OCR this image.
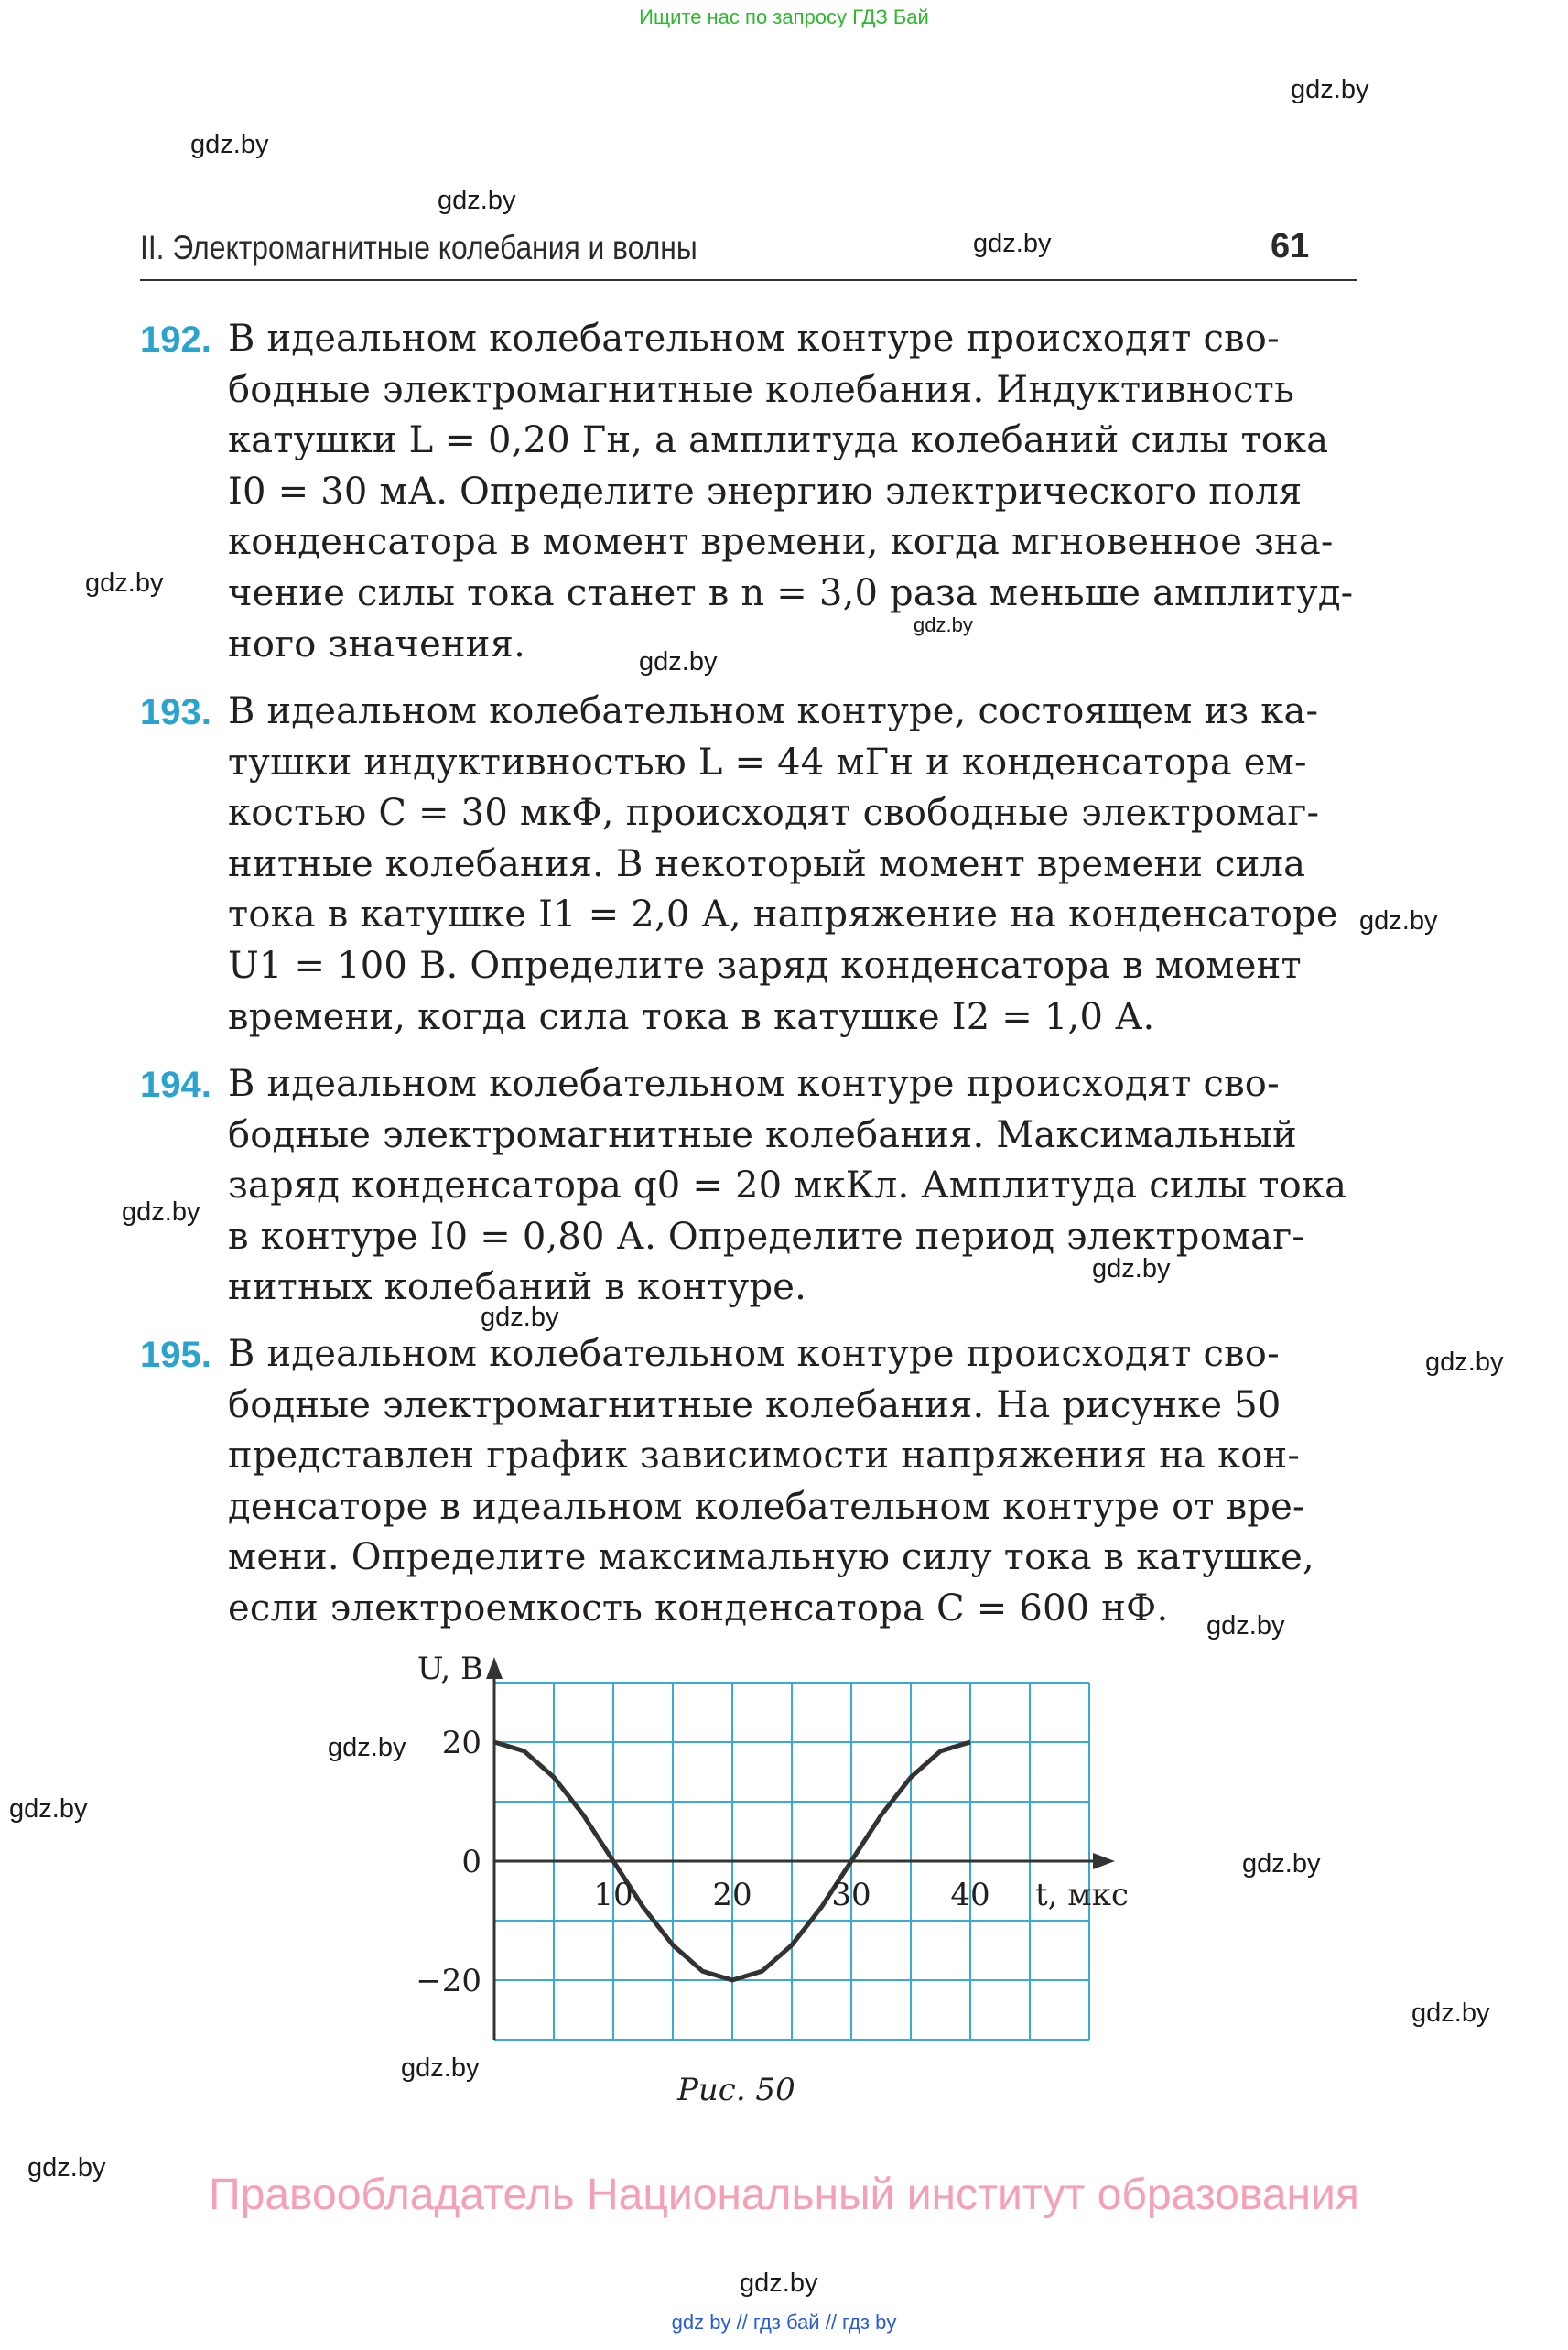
Ищите нас по запросу ГДЗ Бай
gdz.by
gdz.by
gdz.by
gdz.by
gdz.by
gdz.by
gdz.by
gdz.by
gdz.by
gdz.by
gdz.by
gdz.by
gdz.by
gdz.by
gdz.by
gdz.by
gdz.by
gdz.by
gdz.by
gdz.by
II. Электромагнитные колебания и волны	61
192. В идеальном колебательном контуре происходят сво-
бодные электромагнитные колебания. Индуктивность
катушки L = 0,20 Гн, а амплитуда колебаний силы тока
I0 = 30 мА. Определите энергию электрического поля
конденсатора в момент времени, когда мгновенное зна-
чение силы тока станет в n = 3,0 раза меньше амплитуд-
ного значения.
193. В идеальном колебательном контуре, состоящем из ка-
тушки индуктивностью L = 44 мГн и конденсатора ем-
костью C = 30 мкФ, происходят свободные электромаг-
нитные колебания. В некоторый момент времени сила
тока в катушке I1 = 2,0 А, напряжение на конденсаторе
U1 = 100 В. Определите заряд конденсатора в момент
времени, когда сила тока в катушке I2 = 1,0 А.
194. В идеальном колебательном контуре происходят сво-
бодные электромагнитные колебания. Максимальный
заряд конденсатора q0 = 20 мкКл. Амплитуда силы тока
в контуре I0 = 0,80 А. Определите период электромаг-
нитных колебаний в контуре.
195. В идеальном колебательном контуре происходят сво-
бодные электромагнитные колебания. На рисунке 50
представлен график зависимости напряжения на кон-
денсаторе в идеальном колебательном контуре от вре-
мени. Определите максимальную силу тока в катушке,
если электроемкость конденсатора C = 600 нФ.
10	20	30	40
20
0
−20
U, В
t, мкс
Рис. 50
Правообладатель Национальный институт образования
gdz by // гдз бай // гдз by
